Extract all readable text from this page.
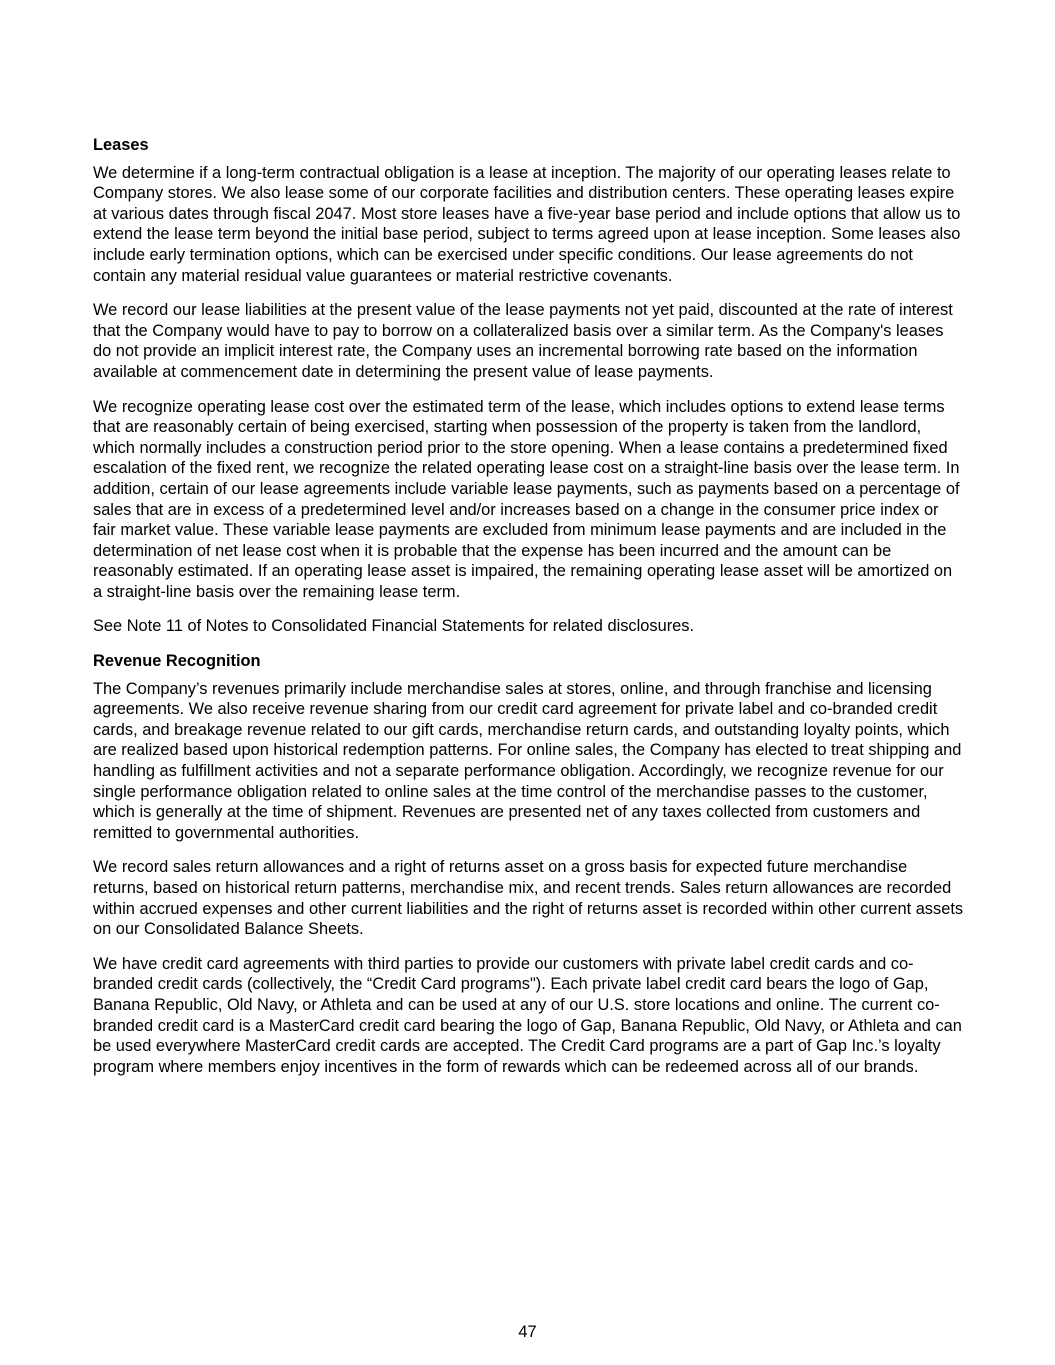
Leases

We determine if a long-term contractual obligation is a lease at inception. The majority of our operating leases relate to Company stores. We also lease some of our corporate facilities and distribution centers. These operating leases expire at various dates through fiscal 2047. Most store leases have a five-year base period and include options that allow us to extend the lease term beyond the initial base period, subject to terms agreed upon at lease inception. Some leases also include early termination options, which can be exercised under specific conditions. Our lease agreements do not contain any material residual value guarantees or material restrictive covenants.

We record our lease liabilities at the present value of the lease payments not yet paid, discounted at the rate of interest that the Company would have to pay to borrow on a collateralized basis over a similar term. As the Company's leases do not provide an implicit interest rate, the Company uses an incremental borrowing rate based on the information available at commencement date in determining the present value of lease payments.

We recognize operating lease cost over the estimated term of the lease, which includes options to extend lease terms that are reasonably certain of being exercised, starting when possession of the property is taken from the landlord, which normally includes a construction period prior to the store opening. When a lease contains a predetermined fixed escalation of the fixed rent, we recognize the related operating lease cost on a straight-line basis over the lease term. In addition, certain of our lease agreements include variable lease payments, such as payments based on a percentage of sales that are in excess of a predetermined level and/or increases based on a change in the consumer price index or fair market value. These variable lease payments are excluded from minimum lease payments and are included in the determination of net lease cost when it is probable that the expense has been incurred and the amount can be reasonably estimated. If an operating lease asset is impaired, the remaining operating lease asset will be amortized on a straight-line basis over the remaining lease term.

See Note 11 of Notes to Consolidated Financial Statements for related disclosures.

Revenue Recognition

The Company’s revenues primarily include merchandise sales at stores, online, and through franchise and licensing agreements. We also receive revenue sharing from our credit card agreement for private label and co-branded credit cards, and breakage revenue related to our gift cards, merchandise return cards, and outstanding loyalty points, which are realized based upon historical redemption patterns. For online sales, the Company has elected to treat shipping and handling as fulfillment activities and not a separate performance obligation. Accordingly, we recognize revenue for our single performance obligation related to online sales at the time control of the merchandise passes to the customer, which is generally at the time of shipment. Revenues are presented net of any taxes collected from customers and remitted to governmental authorities.

We record sales return allowances and a right of returns asset on a gross basis for expected future merchandise returns, based on historical return patterns, merchandise mix, and recent trends. Sales return allowances are recorded within accrued expenses and other current liabilities and the right of returns asset is recorded within other current assets on our Consolidated Balance Sheets.

We have credit card agreements with third parties to provide our customers with private label credit cards and co-branded credit cards (collectively, the “Credit Card programs"). Each private label credit card bears the logo of Gap, Banana Republic, Old Navy, or Athleta and can be used at any of our U.S. store locations and online. The current co-branded credit card is a MasterCard credit card bearing the logo of Gap, Banana Republic, Old Navy, or Athleta and can be used everywhere MasterCard credit cards are accepted. The Credit Card programs are a part of Gap Inc.’s loyalty program where members enjoy incentives in the form of rewards which can be redeemed across all of our brands.

47
